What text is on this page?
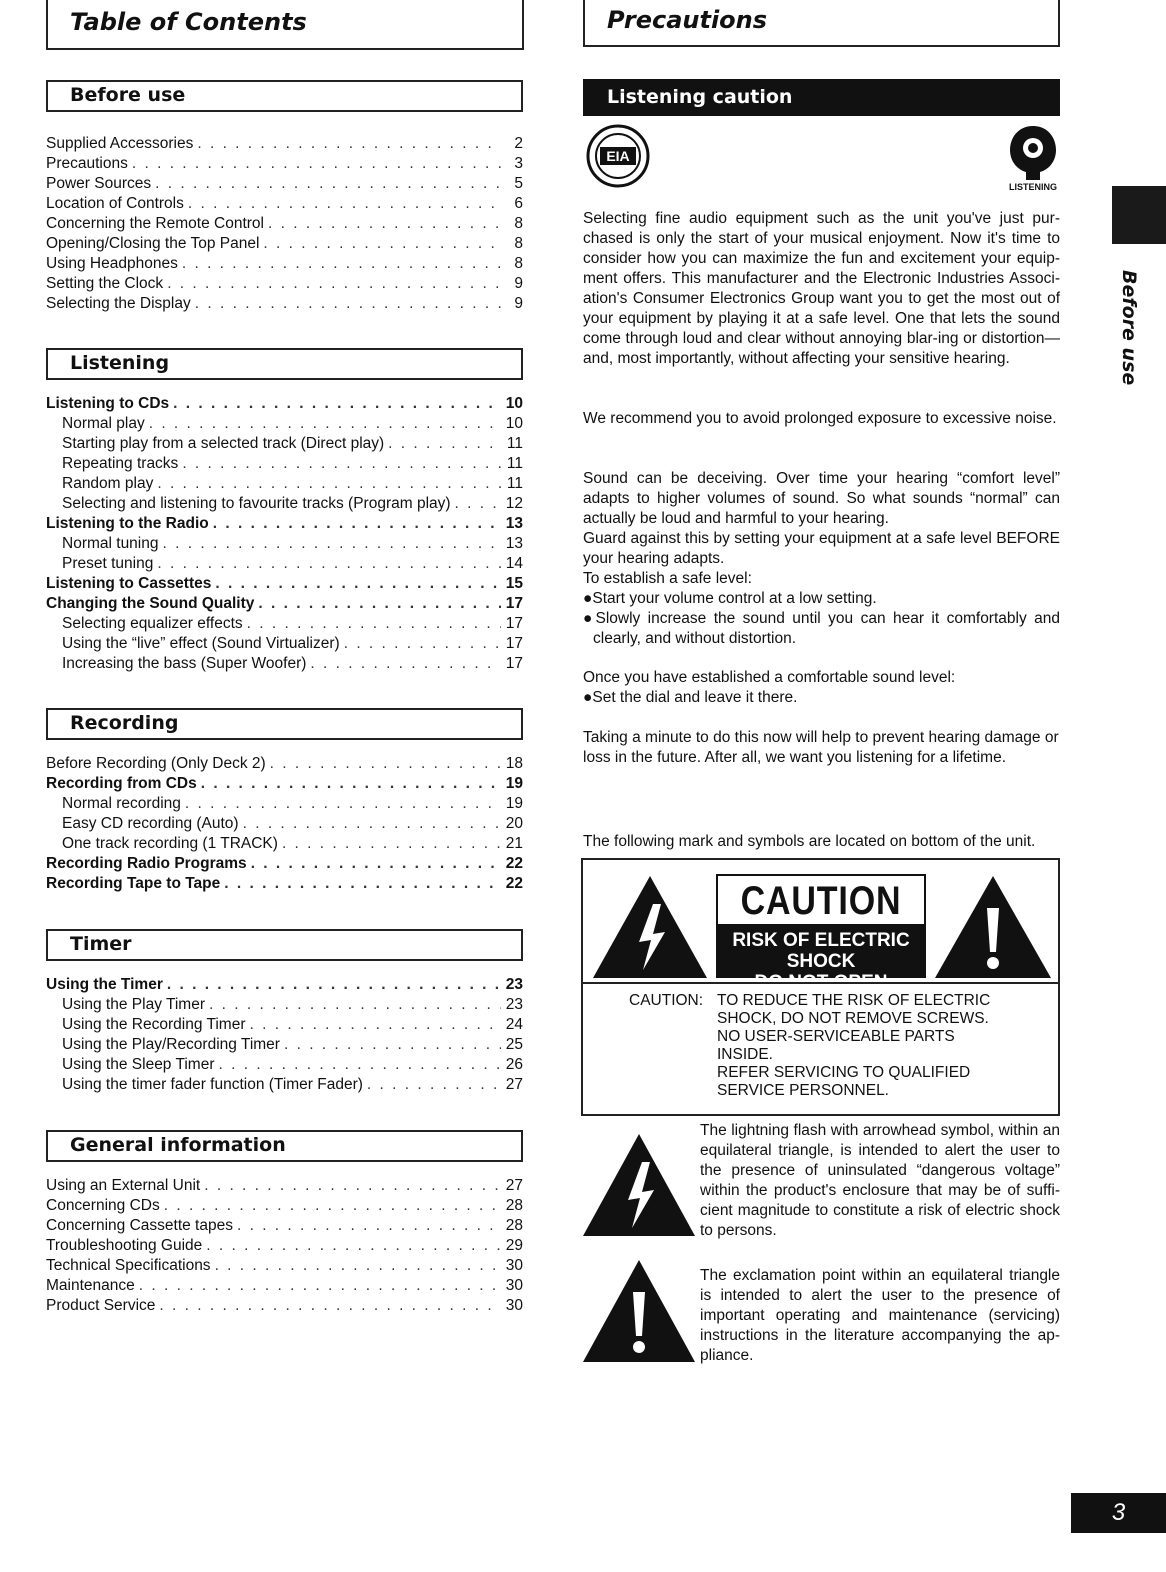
Table of Contents	Precautions
Before use
Supplied Accessories . . .	2
Precautions . . .	3
Power Sources . . .	5
Location of Controls . . .	6
Concerning the Remote Control . . .	8
Opening/Closing the Top Panel . . .	8
Using Headphones . . .	8
Setting the Clock . . .	9
Selecting the Display . . .	9
Listening
Listening to CDs . . .	10
Normal play . . .	10
Starting play from a selected track (Direct play) . . .	11
Repeating tracks . . .	11
Random play . . .	11
Selecting and listening to favourite tracks (Program play) . . .	12
Listening to the Radio . . .	13
Normal tuning . . .	13
Preset tuning . . .	14
Listening to Cassettes . . .	15
Changing the Sound Quality . . .	17
Selecting equalizer effects . . .	17
Using the “live” effect (Sound Virtualizer) . . .	17
Increasing the bass (Super Woofer) . . .	17
Recording
Before Recording (Only Deck 2) . . .	18
Recording from CDs . . .	19
Normal recording . . .	19
Easy CD recording (Auto) . . .	20
One track recording (1 TRACK) . . .	21
Recording Radio Programs . . .	22
Recording Tape to Tape . . .	22
Timer
Using the Timer . . .	23
Using the Play Timer . . .	23
Using the Recording Timer . . .	24
Using the Play/Recording Timer . . .	25
Using the Sleep Timer . . .	26
Using the timer fader function (Timer Fader) . . .	27
General information
Using an External Unit . . .	27
Concerning CDs . . .	28
Concerning Cassette tapes . . .	28
Troubleshooting Guide . . .	29
Technical Specifications . . .	30
Maintenance . . .	30
Product Service . . .	30
Listening caution
EIA
LISTENING

Selecting fine audio equipment such as the unit you've just pur-chased is only the start of your musical enjoyment. Now it's time to consider how you can maximize the fun and excitement your equip-ment offers. This manufacturer and the Electronic Industries Associ-ation's Consumer Electronics Group want you to get the most out of your equipment by playing it at a safe level. One that lets the sound come through loud and clear without annoying blar-ing or distortion—and, most importantly, without affecting your sensitive hearing.

We recommend you to avoid prolonged exposure to excessive noise.

Sound can be deceiving. Over time your hearing “comfort level” adapts to higher volumes of sound. So what sounds “normal” can actually be loud and harmful to your hearing.

Guard against this by setting your equipment at a safe level BEFORE your hearing adapts.

To establish a safe level:

●Start your volume control at a low setting.

●Slowly increase the sound until you can hear it comfortably and clearly, and without distortion.

Once you have established a comfortable sound level:

●Set the dial and leave it there.

Taking a minute to do this now will help to prevent hearing damage or loss in the future. After all, we want you listening for a lifetime.

The following mark and symbols are located on bottom of the unit.

CAUTION
RISK OF ELECTRIC SHOCK
DO NOT OPEN
CAUTION: TO REDUCE THE RISK OF ELECTRIC
SHOCK, DO NOT REMOVE SCREWS.
NO USER-SERVICEABLE PARTS
INSIDE.
REFER SERVICING TO QUALIFIED
SERVICE PERSONNEL.

The lightning flash with arrowhead symbol, within an equilateral triangle, is intended to alert the user to the presence of uninsulated “dangerous voltage” within the product's enclosure that may be of suffi-cient magnitude to constitute a risk of electric shock to persons.

The exclamation point within an equilateral triangle is intended to alert the user to the presence of important operating and maintenance (servicing) instructions in the literature accompanying the ap-pliance.

Before use
3
